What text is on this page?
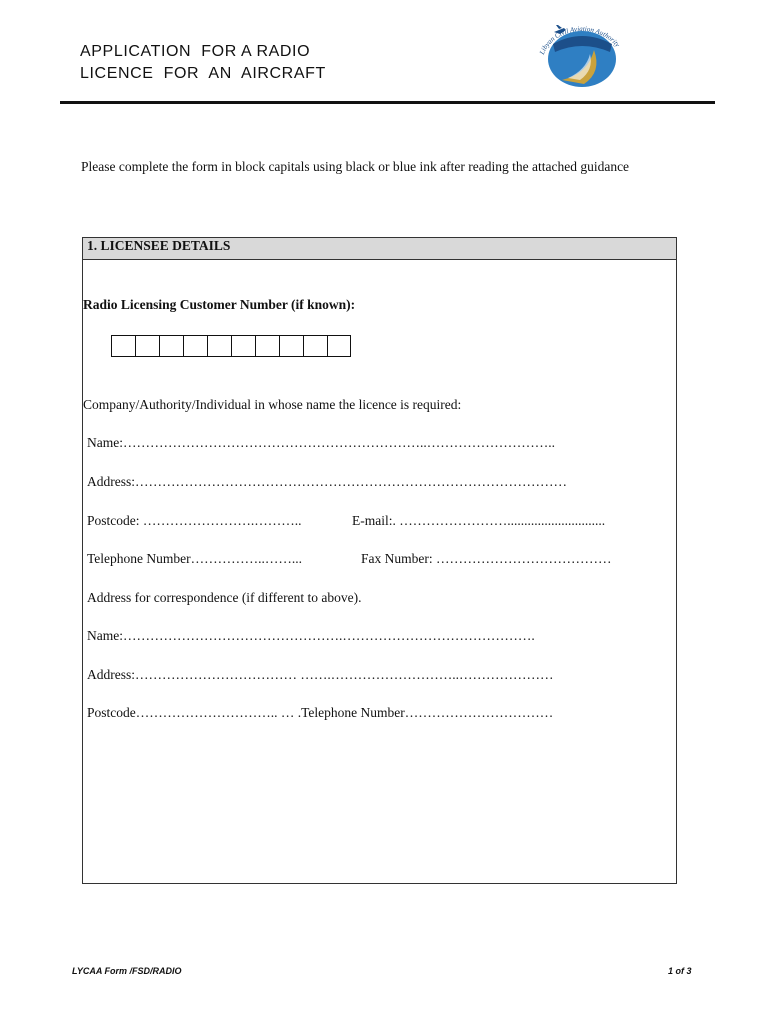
APPLICATION  FOR A RADIO
LICENCE  FOR  AN  AIRCRAFT
Libyan Civil Aviation Authority
Please complete the form in block capitals using black or blue ink after reading the attached guidance
1. LICENSEE DETAILS
Radio Licensing Customer Number (if known):
Company/Authority/Individual in whose name the licence is required:
Name:…………………………………………………………..………………………..
Address:……………………………………………………………………………………
Postcode: …………………….………..	E-mail:. …………………….............................
Telephone Number……………..……...	Fax Number: …………………………………
Address for correspondence (if different to above).
Name:………………………………………….…………………………………….
Address:……………………………… …….………………………..…………………
Postcode………………………….. … .Telephone Number……………………………
LYCAA Form /FSD/RADIO	1 of 3
